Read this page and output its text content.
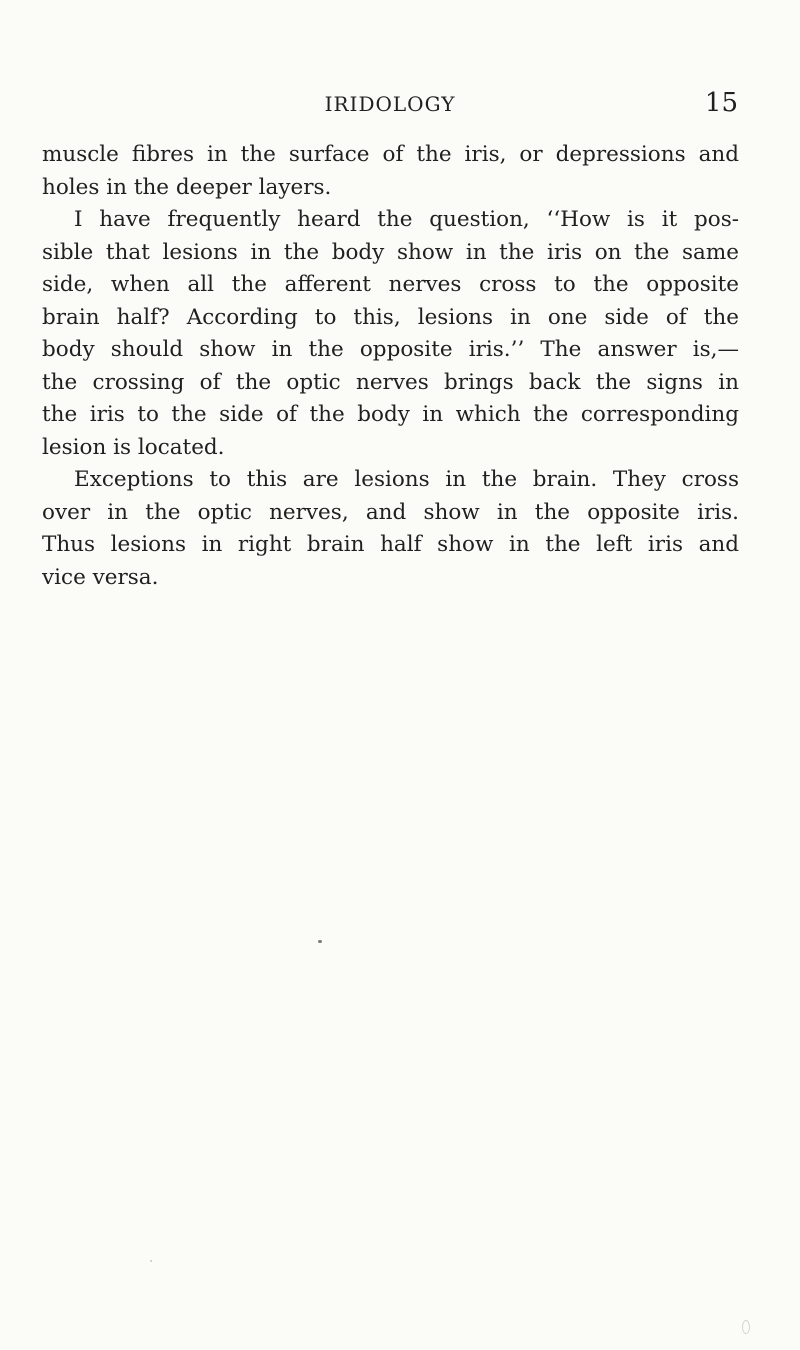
IRIDOLOGY	15
muscle fibres in the surface of the iris, or depressions and
holes in the deeper layers.
I have frequently heard the question, ‘‘How is it pos-
sible that lesions in the body show in the iris on the same
side, when all the afferent nerves cross to the opposite
brain half? According to this, lesions in one side of the
body should show in the opposite iris.’’ The answer is,—
the crossing of the optic nerves brings back the signs in
the iris to the side of the body in which the corresponding
lesion is located.
Exceptions to this are lesions in the brain. They cross
over in the optic nerves, and show in the opposite iris.
Thus lesions in right brain half show in the left iris and
vice versa.
